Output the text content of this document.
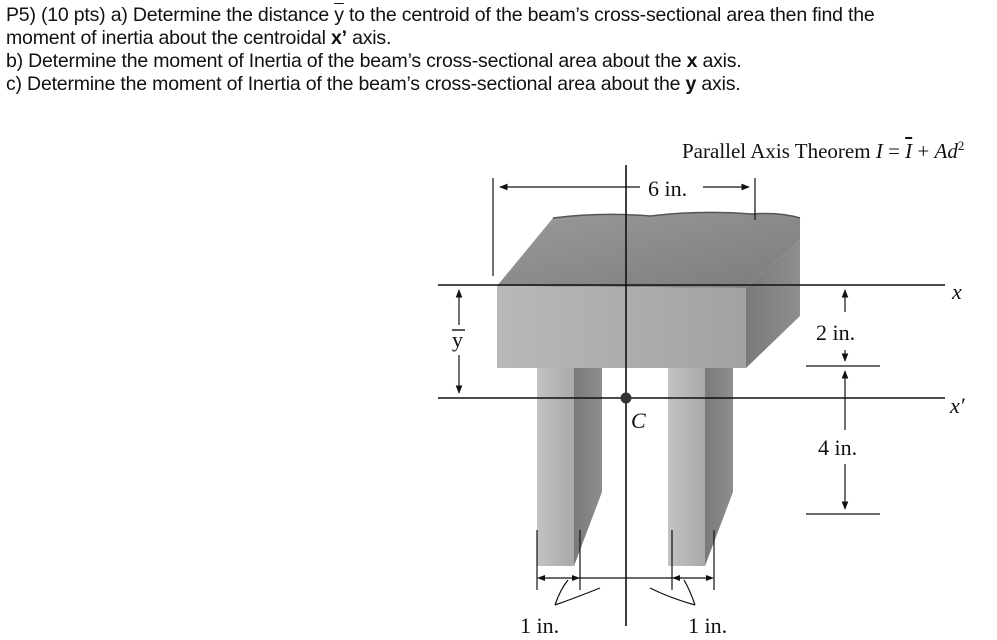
P5) (10 pts) a) Determine the distance $\overline{y}$ to the centroid of the beam’s cross-sectional area then find the

moment of inertia about the centroidal x’ axis.

b) Determine the moment of Inertia of the beam’s cross-sectional area about the x axis.

c) Determine the moment of Inertia of the beam’s cross-sectional area about the y axis.

Parallel Axis Theorem $I = \overline{I} + Ad^2$
x
x′
C
6 in.
y	2 in.
4 in.
1 in.	1 in.
